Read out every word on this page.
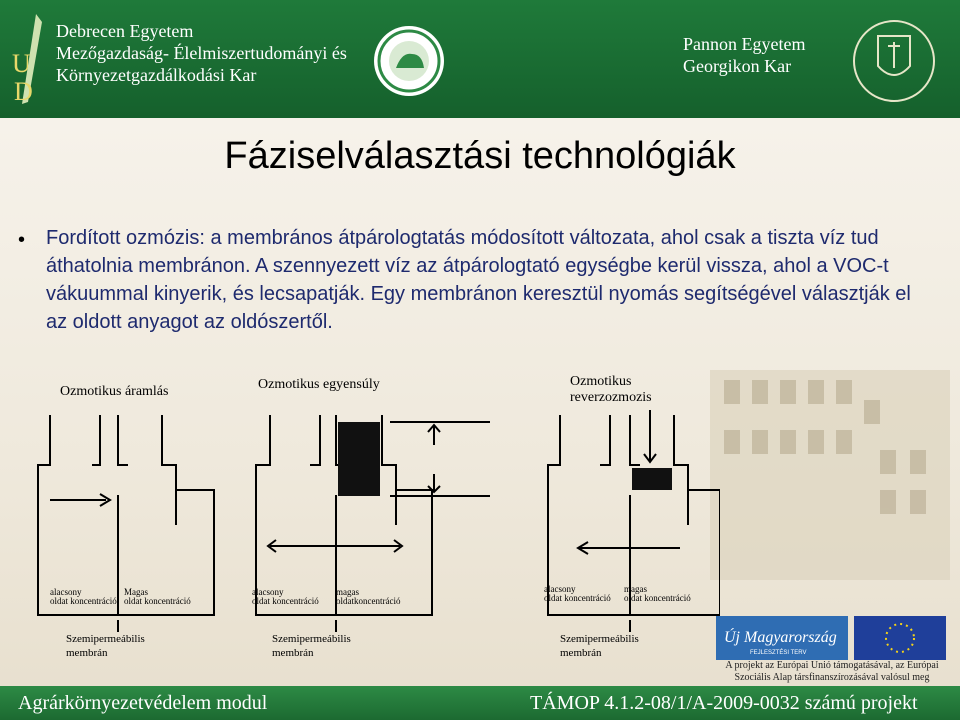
U
D
Debrecen Egyetem
Mezőgazdaság- Élelmiszertudományi és
Környezetgazdálkodási Kar
Pannon Egyetem
Georgikon Kar
Fáziselválasztási technológiák
• Fordított ozmózis: a membrános átpárologtatás módosított változata, ahol csak a tiszta víz tud áthatolnia membránon. A szennyezett víz az átpárologtató egységbe kerül vissza, ahol a VOC-t vákuummal kinyerik, és lecsapatják. Egy membránon keresztül nyomás segítségével választják el az oldott anyagot az oldószertől.
Ozmotikus áramlás
alacsony
oldat koncentráció
Magas
oldat koncentráció
Szemipermeábilis
membrán
Ozmotikus egyensúly
alacsony
oldat koncentráció
magas
oldatkoncentráció
Szemipermeábilis
membrán
Ozmotikus
reverzozmozis
alacsony
oldat koncentráció
magas
oldat koncentráció
Szemipermeábilis
membrán
Új Magyarország
FEJLESZTÉSI TERV
A projekt az Európai Unió támogatásával, az Európai Szociális Alap társfinanszírozásával valósul meg
Agrárkörnyezetvédelem modul	TÁMOP 4.1.2-08/1/A-2009-0032 számú projekt
